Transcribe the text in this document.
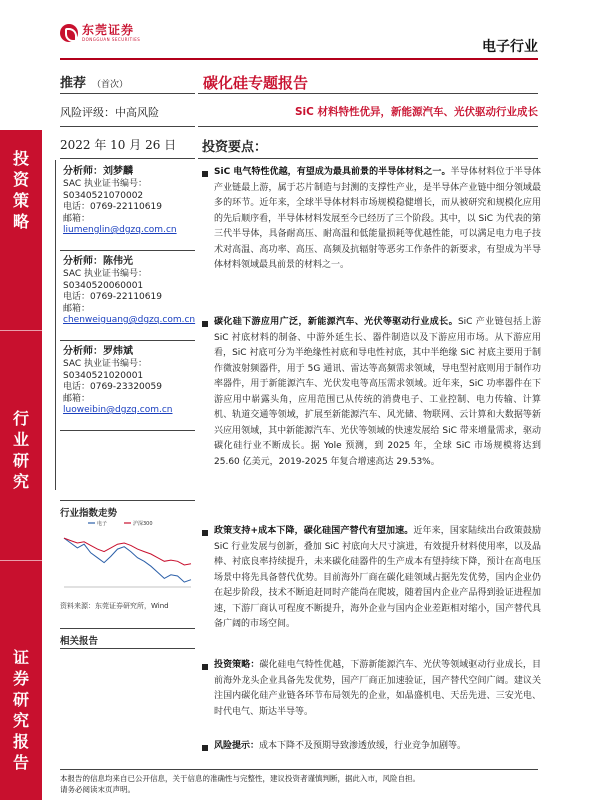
东莞证券
DONGGUAN SECURITIES	电子行业
投资策略
行业研究
证券研究报告
推荐 （首次）
风险评级：中高风险
2022 年 10 月 26 日
分析师：刘梦麟
SAC 执业证书编号：
S0340521070002
电话：0769-22110619
邮箱：
liumenglin@dgzq.com.cn
分析师：陈伟光
SAC 执业证书编号：
S0340520060001
电话：0769-22110619
邮箱：
chenweiguang@dgzq.com.cn
分析师：罗炜斌
SAC 执业证书编号：
S0340521020001
电话：0769-23320059
邮箱：
luoweibin@dgzq.com.cn
行业指数走势
电子	沪深300
资料来源：东莞证券研究所，Wind
相关报告
碳化硅专题报告
SiC 材料特性优异，新能源汽车、光伏驱动行业成长
投资要点：
SiC 电气特性优越，有望成为最具前景的半导体材料之一。半导体材料位于半导体产业链最上游，属于芯片制造与封测的支撑性产业，是半导体产业链中细分领域最多的环节。近年来，全球半导体材料市场规模稳健增长，而从被研究和规模化应用的先后顺序看，半导体材料发展至今已经历了三个阶段。其中，以 SiC 为代表的第三代半导体，具备耐高压、耐高温和低能量损耗等优越性能，可以满足电力电子技术对高温、高功率、高压、高频及抗辐射等恶劣工作条件的新要求，有望成为半导体材料领域最具前景的材料之一。
碳化硅下游应用广泛，新能源汽车、光伏等驱动行业成长。SiC 产业链包括上游 SiC 衬底材料的制备、中游外延生长、器件制造以及下游应用市场。从下游应用看，SiC 衬底可分为半绝缘性衬底和导电性衬底，其中半绝缘 SiC 衬底主要用于制作微波射频器件，用于 5G 通讯、雷达等高频需求领域，导电型衬底则用于制作功率器件，用于新能源汽车、光伏发电等高压需求领域。近年来，SiC 功率器件在下游应用中崭露头角，应用范围已从传统的消费电子、工业控制、电力传输、计算机、轨道交通等领域，扩展至新能源汽车、风光储、物联网、云计算和大数据等新兴应用领域，其中新能源汽车、光伏等领域的快速发展给 SiC 带来增量需求，驱动碳化硅行业不断成长。据 Yole 预测，到 2025 年，全球 SiC 市场规模将达到 25.60 亿美元，2019-2025 年复合增速高达 29.53%。
政策支持+成本下降，碳化硅国产替代有望加速。近年来，国家陆续出台政策鼓励 SiC 行业发展与创新，叠加 SiC 衬底向大尺寸演进，有效提升材料使用率，以及晶棒、衬底良率持续提升，未来碳化硅器件的生产成本有望持续下降，预计在高电压场景中将先具备替代优势。目前海外厂商在碳化硅领域占据先发优势，国内企业仍在起步阶段，技术不断追赶同时产能尚在爬坡，随着国内企业产品得到验证进程加速，下游厂商认可程度不断提升，海外企业与国内企业差距相对缩小，国产替代具备广阔的市场空间。
投资策略：碳化硅电气特性优越，下游新能源汽车、光伏等领域驱动行业成长，目前海外龙头企业具备先发优势，国产厂商正加速验证，国产替代空间广阔。建议关注国内碳化硅产业链各环节布局领先的企业，如晶盛机电、天岳先进、三安光电、时代电气、斯达半导等。
风险提示：成本下降不及预期导致渗透放缓，行业竞争加剧等。
本报告的信息均来自已公开信息，关于信息的准确性与完整性，建议投资者谨慎判断，据此入市，风险自担。
请务必阅读末页声明。
